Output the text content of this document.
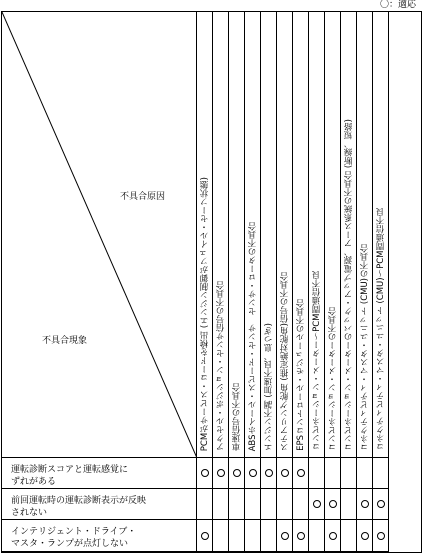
〇：適応
不具合原因
不具合現象	PCMがサービス・コードを検出 (エンジン制御がフェイル・セーフ状態) アクセル・ポジション・センサ信号の不具合 車速信号の不具合 ABSホイール・スピード・センサ　センサ・ロータの不具合 エンジン不調 (加速不良、息つぎ) ステアリング舵角 (推定絶対舵角)信号の不具合 EPSコントロール・モジュールの不具合 コンビネーション・メーター～PCM間通信不良 コンビネーション・メーターの不具合 コンビネーション・メーターのバック・アップ電源、アース系統の不具合 (断線、短絡) コネクティビティ・マスタ・ユニット (CMU)の不具合 コネクティビティ・マスタ・ユニット (CMU)～PCM間通信不良
運転診断スコアと運転感覚に
ずれがある
前回運転時の運転診断表示が反映
されない
インテリジェント・ドライブ・
マスタ・ランプが点灯しない
